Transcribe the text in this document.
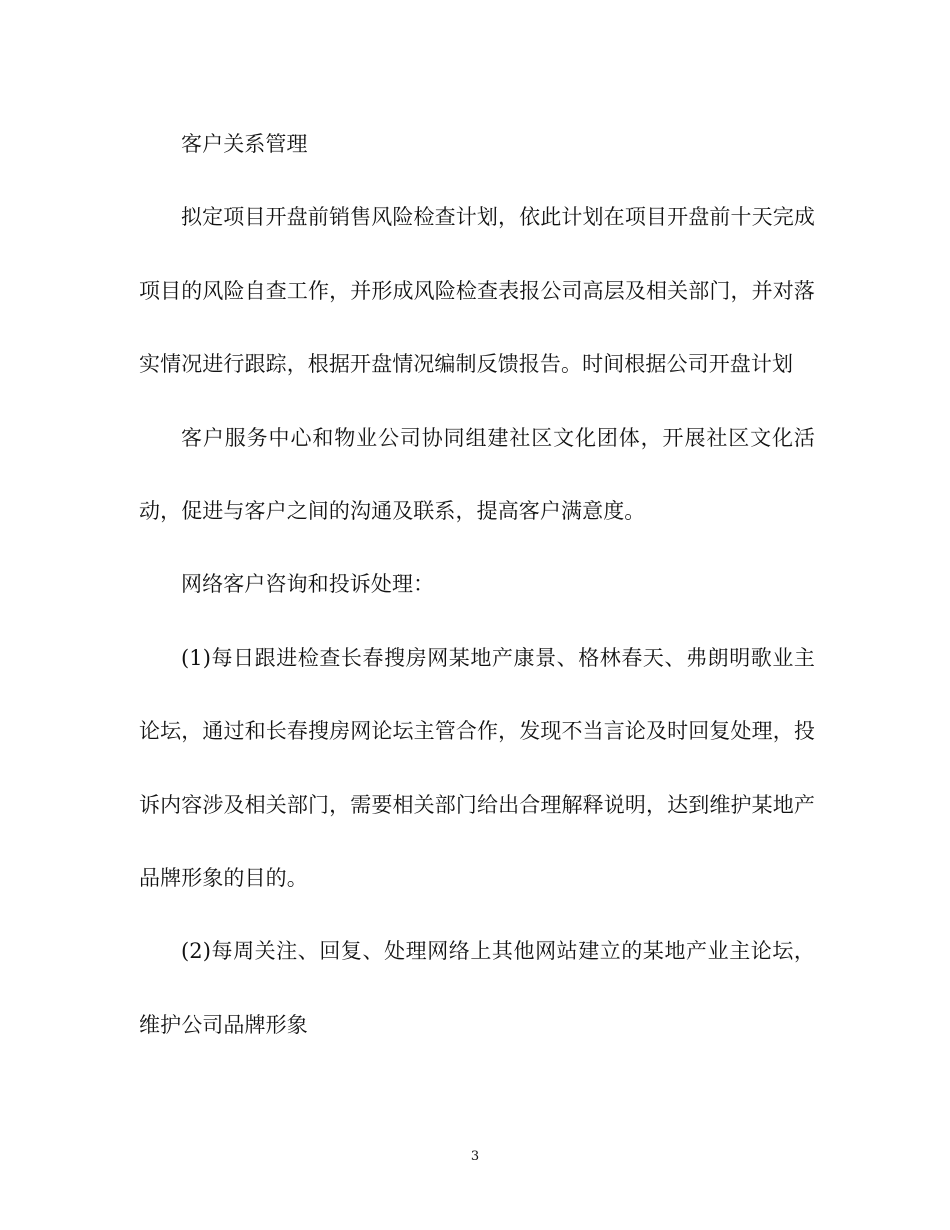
客户关系管理

拟定项目开盘前销售风险检查计划，依此计划在项目开盘前十天完成项目的风险自查工作，并形成风险检查表报公司高层及相关部门，并对落实情况进行跟踪，根据开盘情况编制反馈报告。时间根据公司开盘计划

客户服务中心和物业公司协同组建社区文化团体，开展社区文化活动，促进与客户之间的沟通及联系，提高客户满意度。

网络客户咨询和投诉处理：

(1)每日跟进检查长春搜房网某地产康景、格林春天、弗朗明歌业主论坛，通过和长春搜房网论坛主管合作，发现不当言论及时回复处理，投诉内容涉及相关部门，需要相关部门给出合理解释说明，达到维护某地产品牌形象的目的。

(2)每周关注、回复、处理网络上其他网站建立的某地产业主论坛，维护公司品牌形象

3
